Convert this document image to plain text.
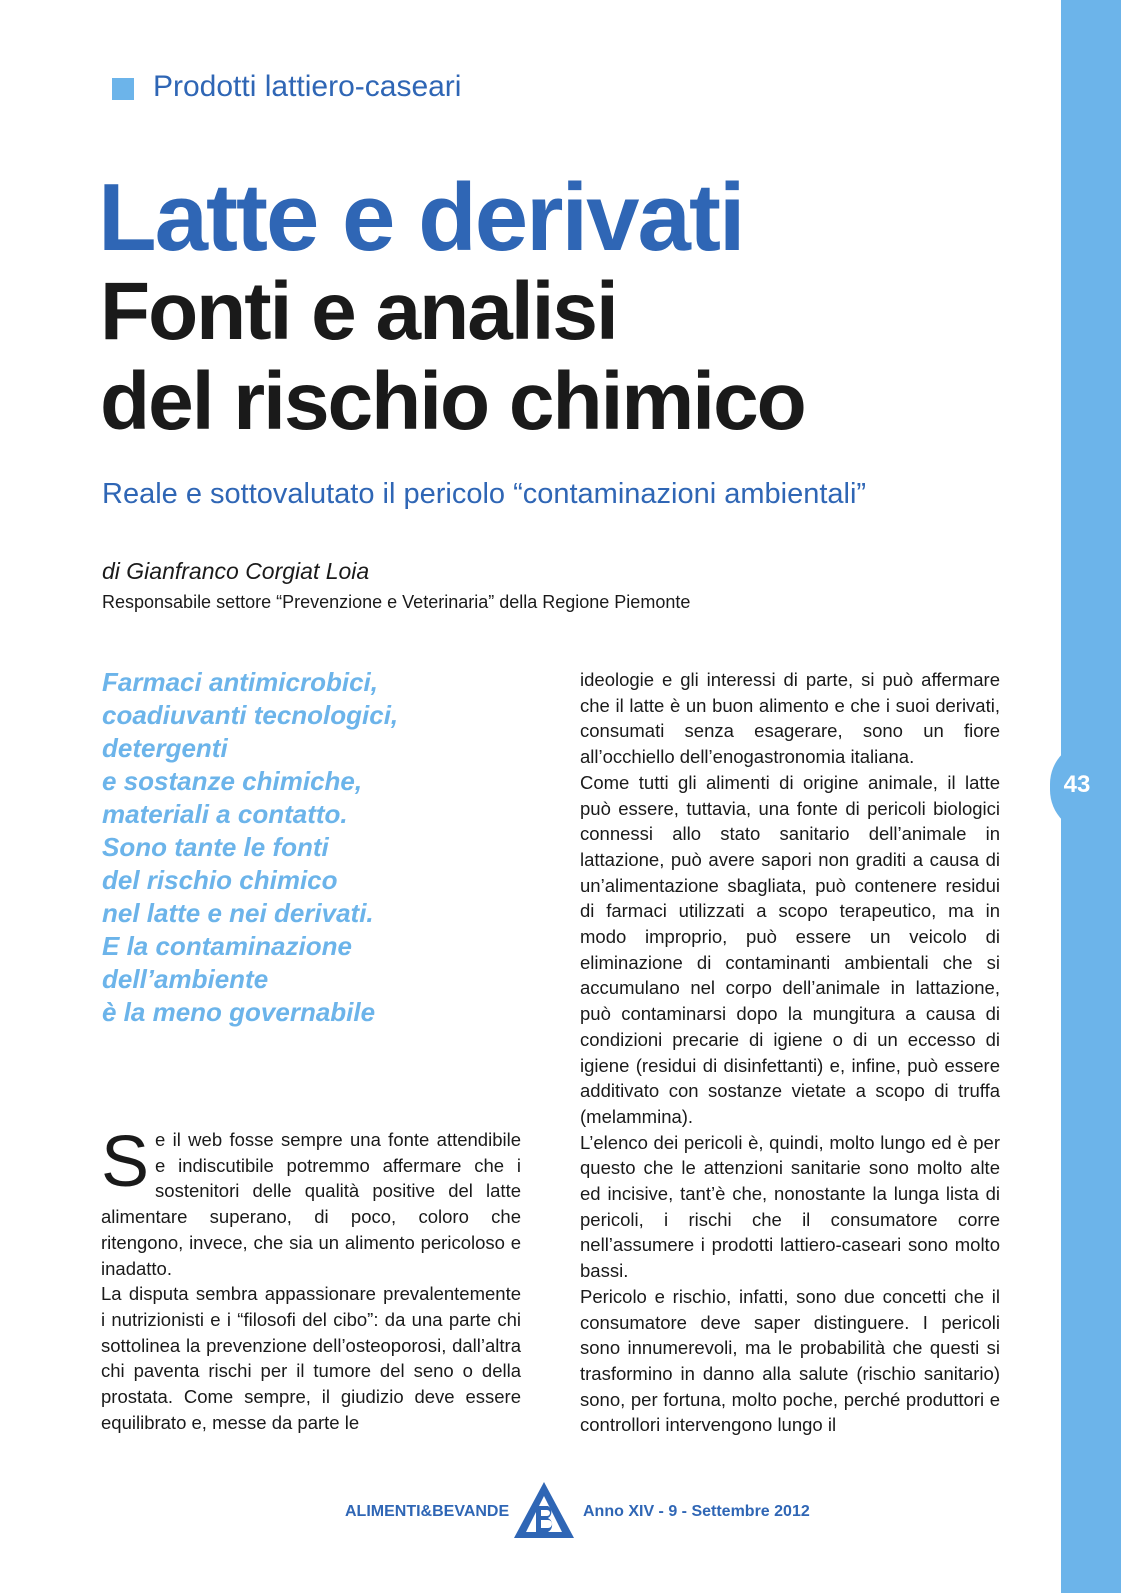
43
Prodotti lattiero-caseari
Latte e derivati
Fonti e analisi
del rischio chimico
Reale e sottovalutato il pericolo “contaminazioni ambientali”
di Gianfranco Corgiat Loia
Responsabile settore “Prevenzione e Veterinaria” della Regione Piemonte
Farmaci antimicrobici,
coadiuvanti tecnologici,
detergenti
e sostanze chimiche,
materiali a contatto.
Sono tante le fonti
del rischio chimico
nel latte e nei derivati.
E la contaminazione
dell’ambiente
è la meno governabile

Se il web fosse sempre una fonte attendibile e indiscutibile potremmo affermare che i sostenitori delle qualità positive del latte alimentare superano, di poco, coloro che ritengono, invece, che sia un alimento pericoloso e inadatto.

La disputa sembra appassionare prevalentemente i nutrizionisti e i “filosofi del cibo”: da una parte chi sottolinea la prevenzione dell’osteoporosi, dall’altra chi paventa rischi per il tumore del seno o della prostata. Come sempre, il giudizio deve essere equilibrato e, messe da parte le

ideologie e gli interessi di parte, si può affermare che il latte è un buon alimento e che i suoi derivati, consumati senza esagerare, sono un fiore all’occhiello dell’enogastronomia italiana.

Come tutti gli alimenti di origine animale, il latte può essere, tuttavia, una fonte di pericoli biologici connessi allo stato sanitario dell’animale in lattazione, può avere sapori non graditi a causa di un’alimentazione sbagliata, può contenere residui di farmaci utilizzati a scopo terapeutico, ma in modo improprio, può essere un veicolo di eliminazione di contaminanti ambientali che si accumulano nel corpo dell’animale in lattazione, può contaminarsi dopo la mungitura a causa di condizioni precarie di igiene o di un eccesso di igiene (residui di disinfettanti) e, infine, può essere additivato con sostanze vietate a scopo di truffa (melammina).

L’elenco dei pericoli è, quindi, molto lungo ed è per questo che le attenzioni sanitarie sono molto alte ed incisive, tant’è che, nonostante la lunga lista di pericoli, i rischi che il consumatore corre nell’assumere i prodotti lattiero-caseari sono molto bassi.

Pericolo e rischio, infatti, sono due concetti che il consumatore deve saper distinguere. I pericoli sono innumerevoli, ma le probabilità che questi si trasformino in danno alla salute (rischio sanitario) sono, per fortuna, molto poche, perché produttori e controllori intervengono lungo il

ALIMENTI&BEVANDE	Anno XIV - 9 - Settembre 2012
